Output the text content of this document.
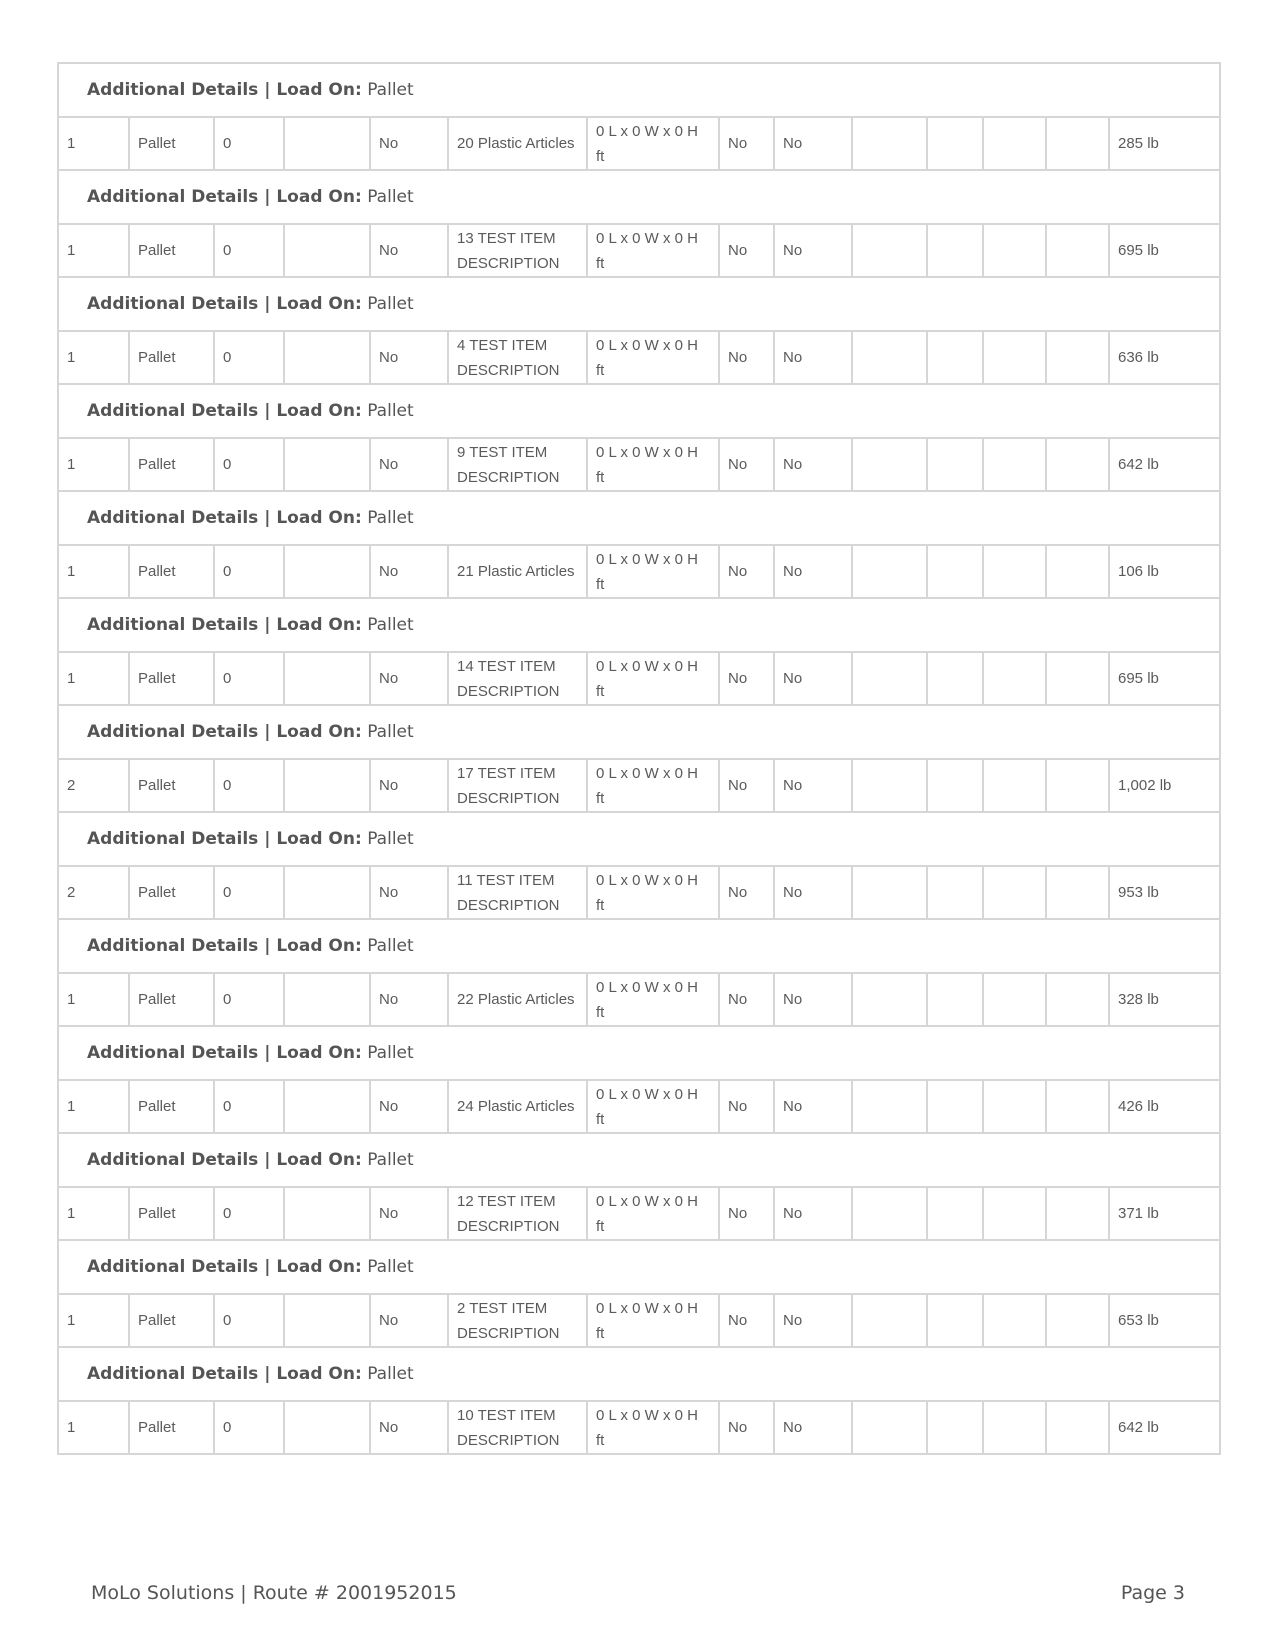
Additional Details | Load On: Pallet													
1	Pallet	0		No	20 Plastic Articles	0 L x 0 W x 0 H ft	No	No					285 lb
Additional Details | Load On: Pallet													
1	Pallet	0		No	13 TEST ITEM DESCRIPTION	0 L x 0 W x 0 H ft	No	No					695 lb
Additional Details | Load On: Pallet													
1	Pallet	0		No	4 TEST ITEM DESCRIPTION	0 L x 0 W x 0 H ft	No	No					636 lb
Additional Details | Load On: Pallet													
1	Pallet	0		No	9 TEST ITEM DESCRIPTION	0 L x 0 W x 0 H ft	No	No					642 lb
Additional Details | Load On: Pallet													
1	Pallet	0		No	21 Plastic Articles	0 L x 0 W x 0 H ft	No	No					106 lb
Additional Details | Load On: Pallet													
1	Pallet	0		No	14 TEST ITEM DESCRIPTION	0 L x 0 W x 0 H ft	No	No					695 lb
Additional Details | Load On: Pallet													
2	Pallet	0		No	17 TEST ITEM DESCRIPTION	0 L x 0 W x 0 H ft	No	No					1,002 lb
Additional Details | Load On: Pallet													
2	Pallet	0		No	11 TEST ITEM DESCRIPTION	0 L x 0 W x 0 H ft	No	No					953 lb
Additional Details | Load On: Pallet													
1	Pallet	0		No	22 Plastic Articles	0 L x 0 W x 0 H ft	No	No					328 lb
Additional Details | Load On: Pallet													
1	Pallet	0		No	24 Plastic Articles	0 L x 0 W x 0 H ft	No	No					426 lb
Additional Details | Load On: Pallet													
1	Pallet	0		No	12 TEST ITEM DESCRIPTION	0 L x 0 W x 0 H ft	No	No					371 lb
Additional Details | Load On: Pallet													
1	Pallet	0		No	2 TEST ITEM DESCRIPTION	0 L x 0 W x 0 H ft	No	No					653 lb
Additional Details | Load On: Pallet													
1	Pallet	0		No	10 TEST ITEM DESCRIPTION	0 L x 0 W x 0 H ft	No	No					642 lb
MoLo Solutions | Route # 2001952015	Page 3
